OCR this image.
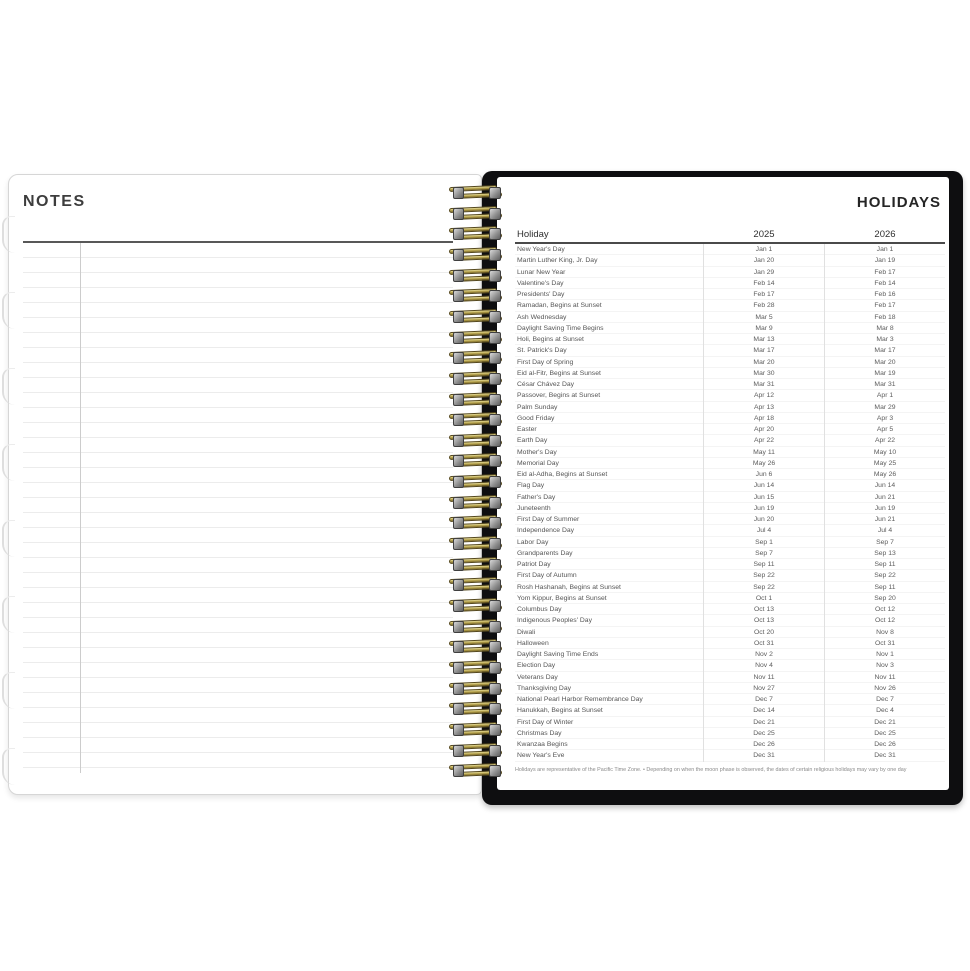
NOTES	HOLIDAYS
Holiday	2025	2026
New Year's Day	Jan 1	Jan 1
Martin Luther King, Jr. Day	Jan 20	Jan 19
Lunar New Year	Jan 29	Feb 17
Valentine's Day	Feb 14	Feb 14
Presidents' Day	Feb 17	Feb 16
Ramadan, Begins at Sunset	Feb 28	Feb 17
Ash Wednesday	Mar 5	Feb 18
Daylight Saving Time Begins	Mar 9	Mar 8
Holi, Begins at Sunset	Mar 13	Mar 3
St. Patrick's Day	Mar 17	Mar 17
First Day of Spring	Mar 20	Mar 20
Eid al-Fitr, Begins at Sunset	Mar 30	Mar 19
César Chávez Day	Mar 31	Mar 31
Passover, Begins at Sunset	Apr 12	Apr 1
Palm Sunday	Apr 13	Mar 29
Good Friday	Apr 18	Apr 3
Easter	Apr 20	Apr 5
Earth Day	Apr 22	Apr 22
Mother's Day	May 11	May 10
Memorial Day	May 26	May 25
Eid al-Adha, Begins at Sunset	Jun 6	May 26
Flag Day	Jun 14	Jun 14
Father's Day	Jun 15	Jun 21
Juneteenth	Jun 19	Jun 19
First Day of Summer	Jun 20	Jun 21
Independence Day	Jul 4	Jul 4
Labor Day	Sep 1	Sep 7
Grandparents Day	Sep 7	Sep 13
Patriot Day	Sep 11	Sep 11
First Day of Autumn	Sep 22	Sep 22
Rosh Hashanah, Begins at Sunset	Sep 22	Sep 11
Yom Kippur, Begins at Sunset	Oct 1	Sep 20
Columbus Day	Oct 13	Oct 12
Indigenous Peoples' Day	Oct 13	Oct 12
Diwali	Oct 20	Nov 8
Halloween	Oct 31	Oct 31
Daylight Saving Time Ends	Nov 2	Nov 1
Election Day	Nov 4	Nov 3
Veterans Day	Nov 11	Nov 11
Thanksgiving Day	Nov 27	Nov 26
National Pearl Harbor Remembrance Day	Dec 7	Dec 7
Hanukkah, Begins at Sunset	Dec 14	Dec 4
First Day of Winter	Dec 21	Dec 21
Christmas Day	Dec 25	Dec 25
Kwanzaa Begins	Dec 26	Dec 26
New Year's Eve	Dec 31	Dec 31
Holidays are representative of the Pacific Time Zone. • Depending on when the moon phase is observed, the dates of certain religious holidays may vary by one day
